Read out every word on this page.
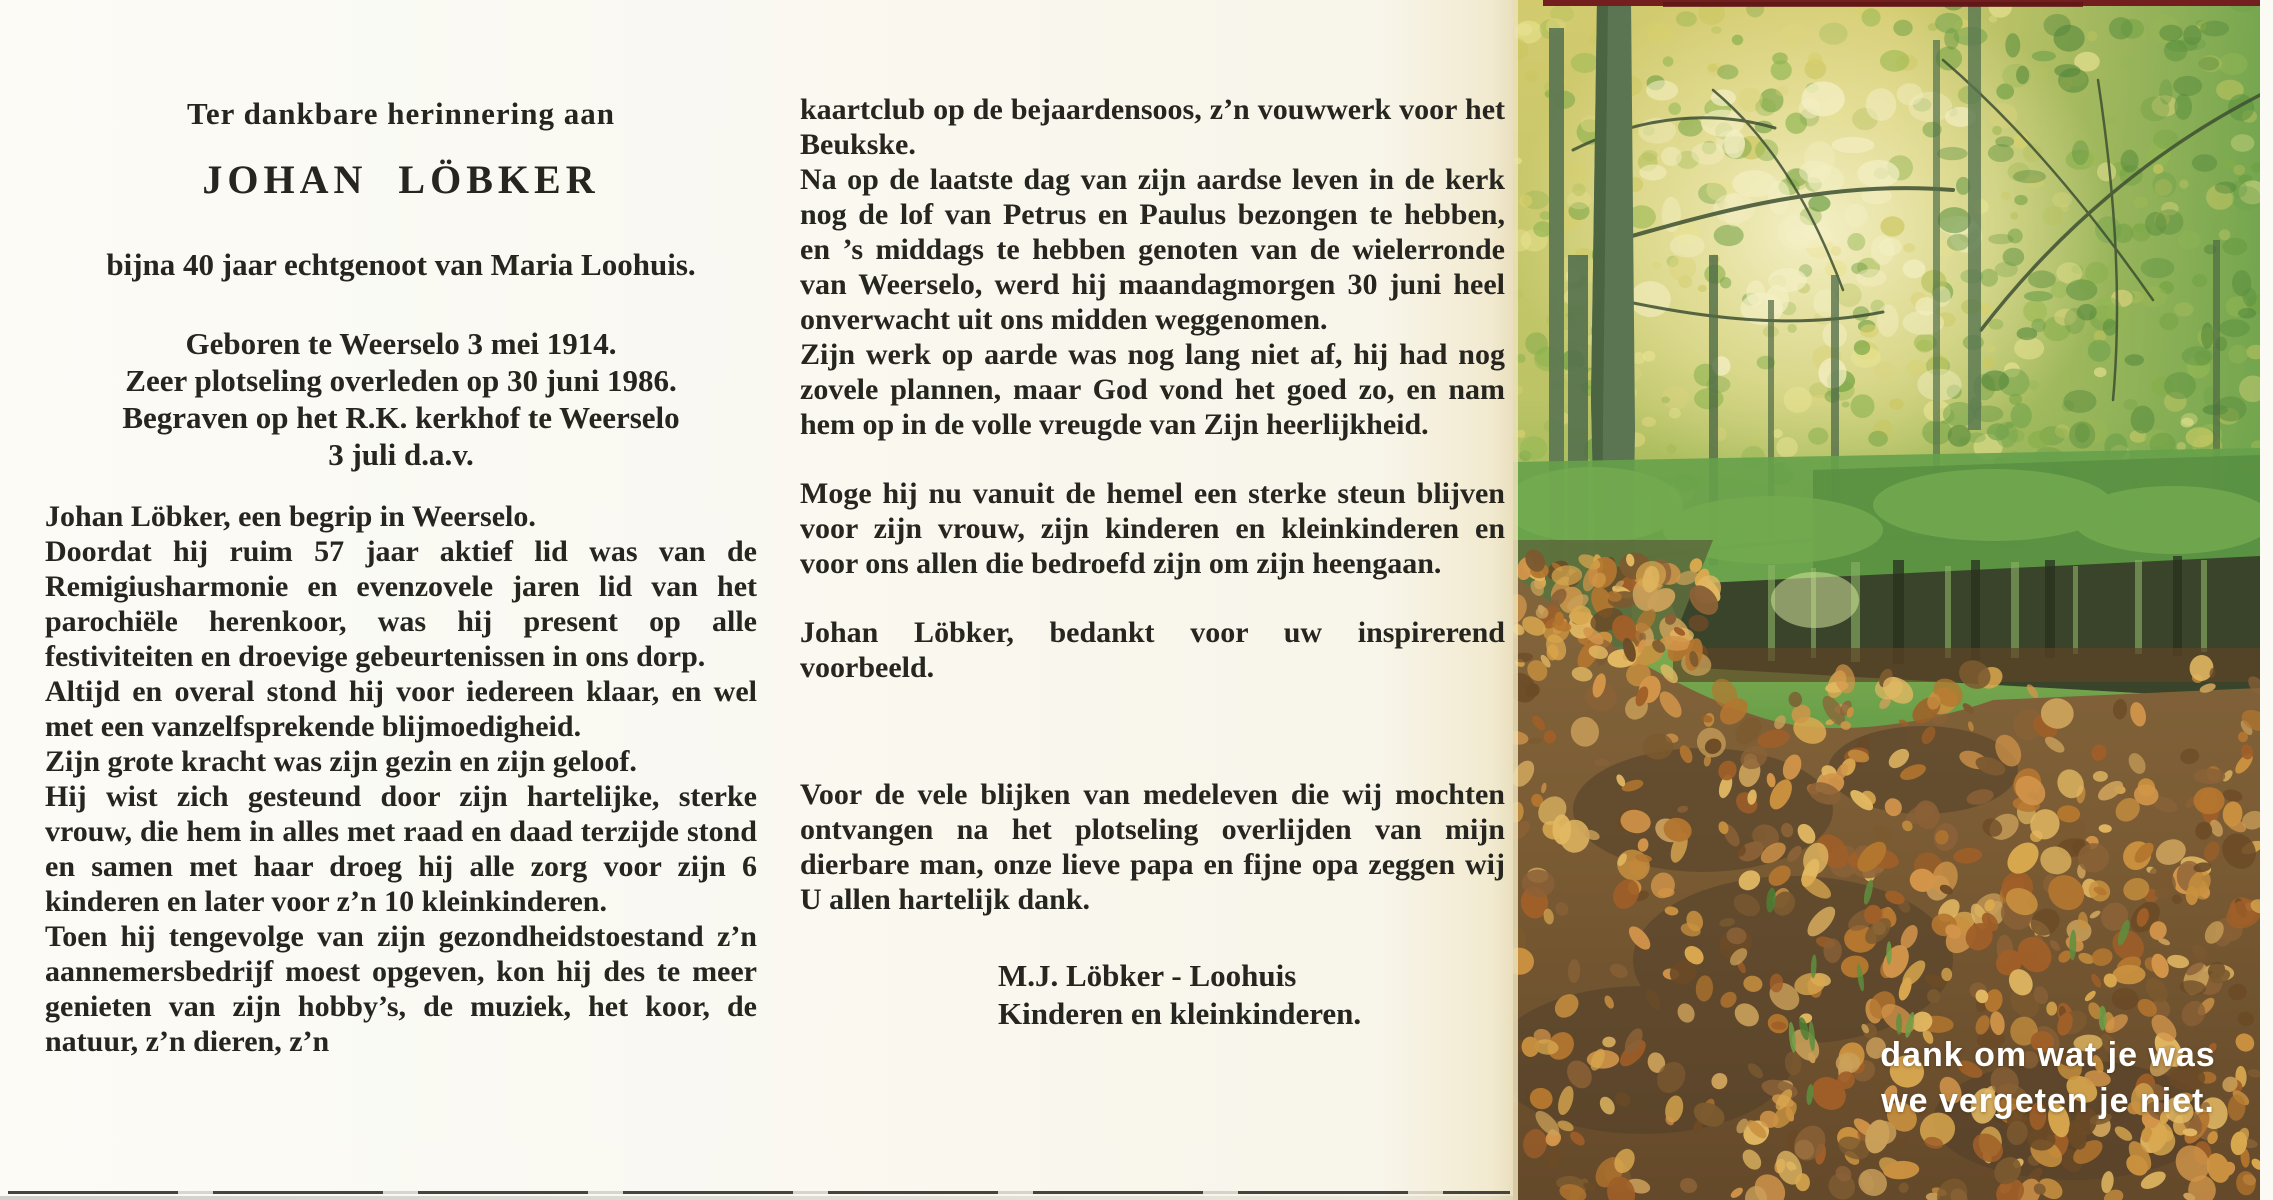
Ter dankbare herinnering aan
JOHAN LÖBKER
bijna 40 jaar echtgenoot van Maria Loohuis.
Geboren te Weerselo 3 mei 1914.
Zeer plotseling overleden op 30 juni 1986.
Begraven op het R.K. kerkhof te Weerselo
3 juli d.a.v.
Johan Löbker, een begrip in Weerselo.
Doordat hij ruim 57 jaar aktief lid was van de Remigiusharmonie en evenzovele jaren lid van het parochiële herenkoor, was hij present op alle festiviteiten en droevige gebeurtenissen in ons dorp.
Altijd en overal stond hij voor iedereen klaar, en wel met een vanzelfsprekende blijmoedigheid.
Zijn grote kracht was zijn gezin en zijn geloof.
Hij wist zich gesteund door zijn hartelijke, sterke vrouw, die hem in alles met raad en daad terzijde stond en samen met haar droeg hij alle zorg voor zijn 6 kinderen en later voor z’n 10 kleinkinderen.
Toen hij tengevolge van zijn gezondheidstoestand z’n aannemersbedrijf moest opgeven, kon hij des te meer genieten van zijn hobby’s, de muziek, het koor, de natuur, z’n dieren, z’n
kaartclub op de bejaardensoos, z’n vouwwerk voor het Beukske.
Na op de laatste dag van zijn aardse leven in de kerk nog de lof van Petrus en Paulus bezongen te hebben, en ’s middags te hebben genoten van de wielerronde van Weerselo, werd hij maandagmorgen 30 juni heel onverwacht uit ons midden weggenomen.
Zijn werk op aarde was nog lang niet af, hij had nog zovele plannen, maar God vond het goed zo, en nam hem op in de volle vreugde van Zijn heerlijkheid.
Moge hij nu vanuit de hemel een sterke steun blijven voor zijn vrouw, zijn kinderen en kleinkinderen en voor ons allen die bedroefd zijn om zijn heengaan.
Johan Löbker, bedankt voor uw inspirerend voorbeeld.
Voor de vele blijken van medeleven die wij mochten ontvangen na het plotseling overlijden van mijn dierbare man, onze lieve papa en fijne opa zeggen wij U allen hartelijk dank.
M.J. Löbker - Loohuis
Kinderen en kleinkinderen.
dank om wat je was
we vergeten je niet.
